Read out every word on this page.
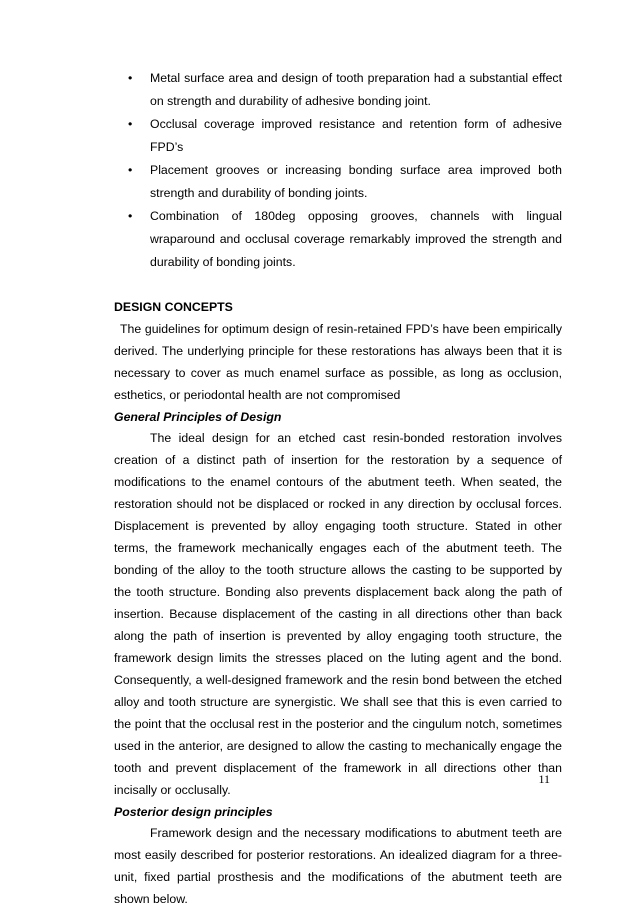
• Metal surface area and design of tooth preparation had a substantial effect on strength and durability of adhesive bonding joint.
• Occlusal coverage improved resistance and retention form of adhesive FPD’s
• Placement grooves or increasing bonding surface area improved both strength and durability of bonding joints.
• Combination of 180deg opposing grooves, channels with lingual wraparound and occlusal coverage remarkably improved the strength and durability of bonding joints.
DESIGN CONCEPTS

The guidelines for optimum design of resin-retained FPD’s have been empirically derived. The underlying principle for these restorations has always been that it is necessary to cover as much enamel surface as possible, as long as occlusion, esthetics, or periodontal health are not compromised

General Principles of Design

The ideal design for an etched cast resin-bonded restoration involves creation of a distinct path of insertion for the restoration by a sequence of modifications to the enamel contours of the abutment teeth. When seated, the restoration should not be displaced or rocked in any direction by occlusal forces. Displacement is prevented by alloy engaging tooth structure. Stated in other terms, the framework mechanically engages each of the abutment teeth. The bonding of the alloy to the tooth structure allows the casting to be supported by the tooth structure. Bonding also prevents displacement back along the path of insertion. Because displacement of the casting in all directions other than back along the path of insertion is prevented by alloy engaging tooth structure, the framework design limits the stresses placed on the luting agent and the bond. Consequently, a well-designed framework and the resin bond between the etched alloy and tooth structure are synergistic. We shall see that this is even carried to the point that the occlusal rest in the posterior and the cingulum notch, sometimes used in the anterior, are designed to allow the casting to mechanically engage the tooth and prevent displacement of the framework in all directions other than incisally or occlusally.

Posterior design principles

Framework design and the necessary modifications to abutment teeth are most easily described for posterior restorations. An idealized diagram for a three-unit, fixed partial prosthesis and the modifications of the abutment teeth are shown below.

11
